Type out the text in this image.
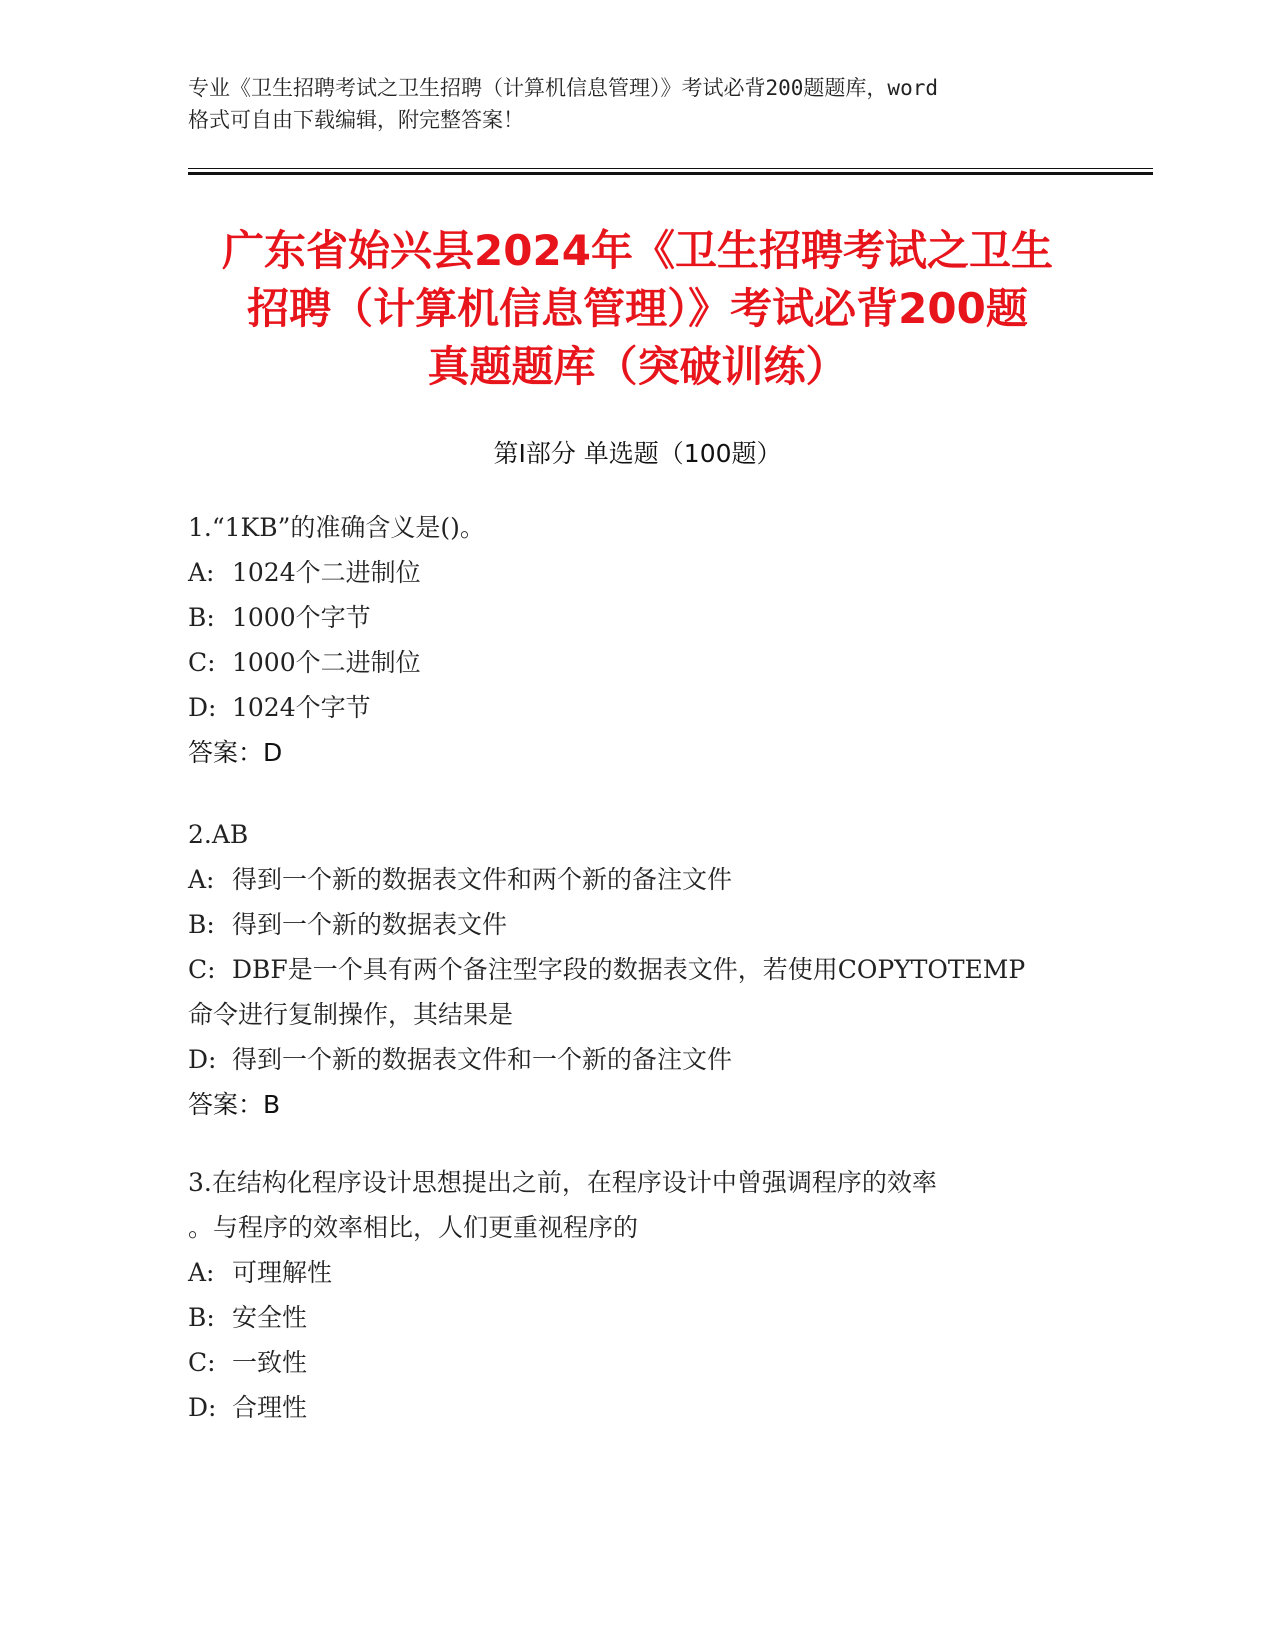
专业《卫生招聘考试之卫生招聘（计算机信息管理）》考试必背200题题库，word
格式可自由下载编辑，附完整答案！
广东省始兴县2024年《卫生招聘考试之卫生
招聘（计算机信息管理）》考试必背200题
真题题库（突破训练）
第Ⅰ部分 单选题（100题）
1.“1KB”的准确含义是()。
A: 1024个二进制位
B: 1000个字节
C: 1000个二进制位
D: 1024个字节
答案：D
2.AB
A: 得到一个新的数据表文件和两个新的备注文件
B: 得到一个新的数据表文件
C: DBF是一个具有两个备注型字段的数据表文件，若使用COPYTOTEMP
命令进行复制操作，其结果是
D: 得到一个新的数据表文件和一个新的备注文件
答案：B
3.在结构化程序设计思想提出之前，在程序设计中曾强调程序的效率
。与程序的效率相比，人们更重视程序的
A: 可理解性
B: 安全性
C: 一致性
D: 合理性
